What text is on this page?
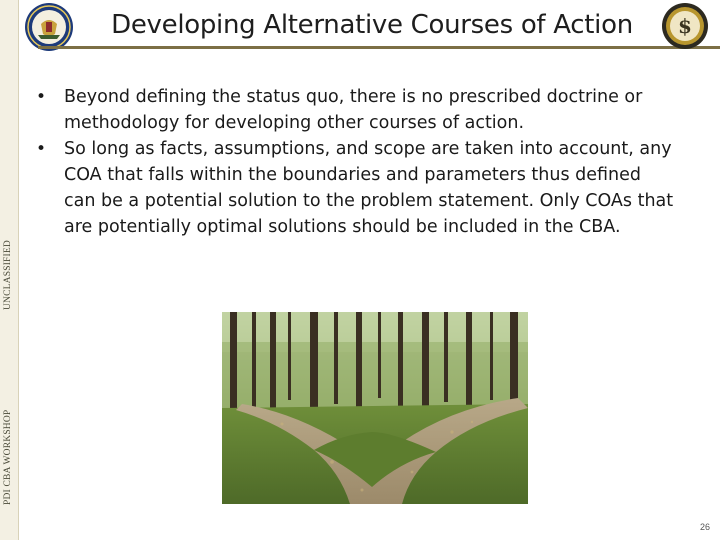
UNCLASSIFIED
PDI CBA WORKSHOP
Developing Alternative Courses of Action	$
• Beyond defining the status quo, there is no prescribed doctrine or methodology for developing other courses of action.
• So long as facts, assumptions, and scope are taken into account, any COA that falls within the boundaries and parameters thus defined can be a potential solution to the problem statement. Only COAs that are potentially optimal solutions should be included in the CBA.
26
